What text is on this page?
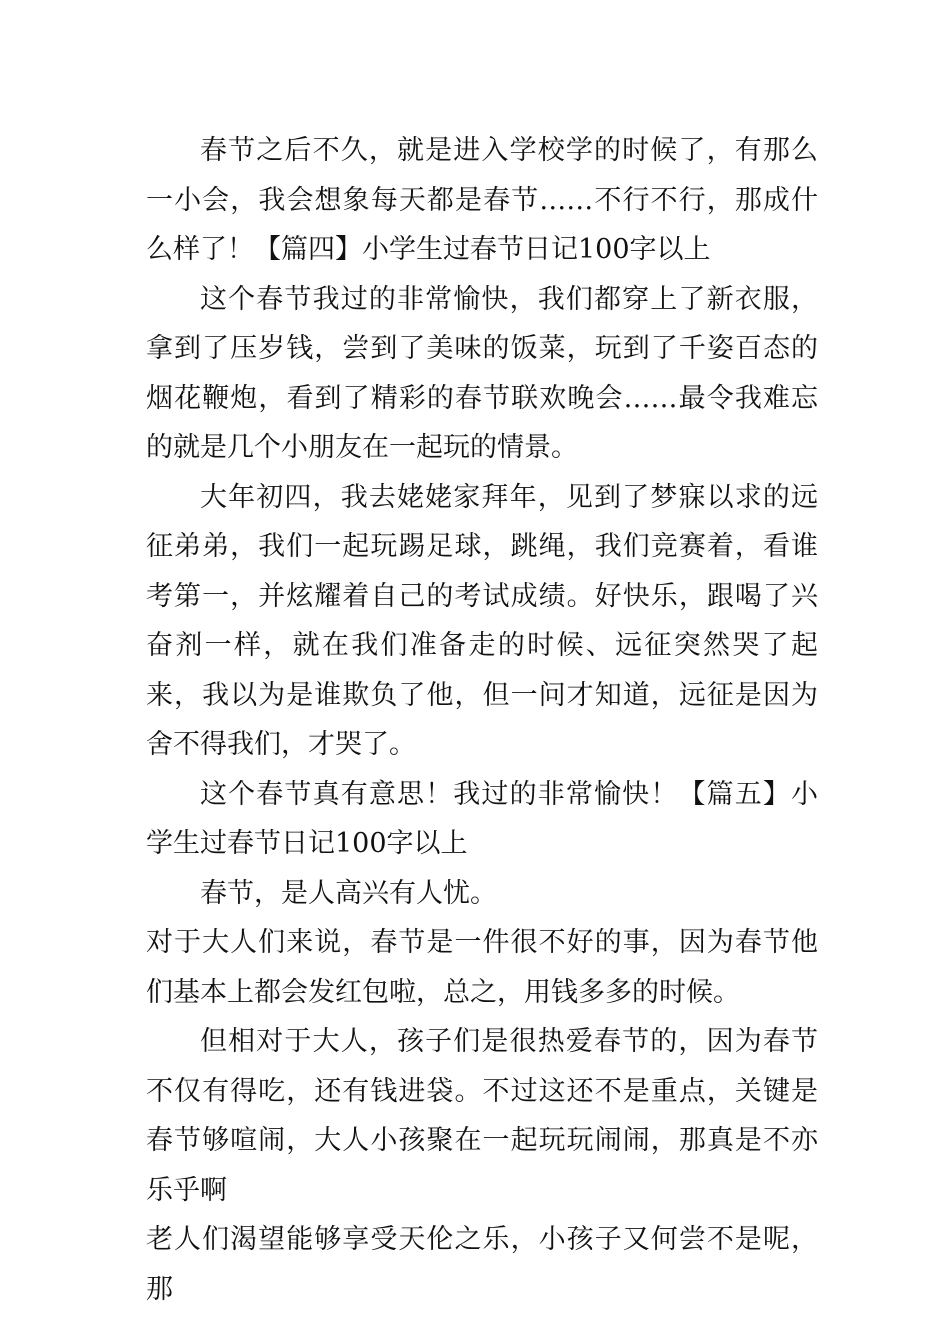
春节之后不久，就是进入学校学的时候了，有那么一小会，我会想象每天都是春节……不行不行，那成什么样了！【篇四】小学生过春节日记100字以上

这个春节我过的非常愉快，我们都穿上了新衣服，拿到了压岁钱，尝到了美味的饭菜，玩到了千姿百态的烟花鞭炮，看到了精彩的春节联欢晚会……最令我难忘的就是几个小朋友在一起玩的情景。

大年初四，我去姥姥家拜年，见到了梦寐以求的远征弟弟，我们一起玩踢足球，跳绳，我们竞赛着，看谁考第一，并炫耀着自己的考试成绩。好快乐，跟喝了兴奋剂一样，就在我们准备走的时候、远征突然哭了起来，我以为是谁欺负了他，但一问才知道，远征是因为舍不得我们，才哭了。

这个春节真有意思！我过的非常愉快！【篇五】小学生过春节日记100字以上

春节，是人高兴有人忧。

对于大人们来说，春节是一件很不好的事，因为春节他们基本上都会发红包啦，总之，用钱多多的时候。

但相对于大人，孩子们是很热爱春节的，因为春节不仅有得吃，还有钱进袋。不过这还不是重点，关键是春节够喧闹，大人小孩聚在一起玩玩闹闹，那真是不亦乐乎啊

老人们渴望能够享受天伦之乐，小孩子又何尝不是呢，那
